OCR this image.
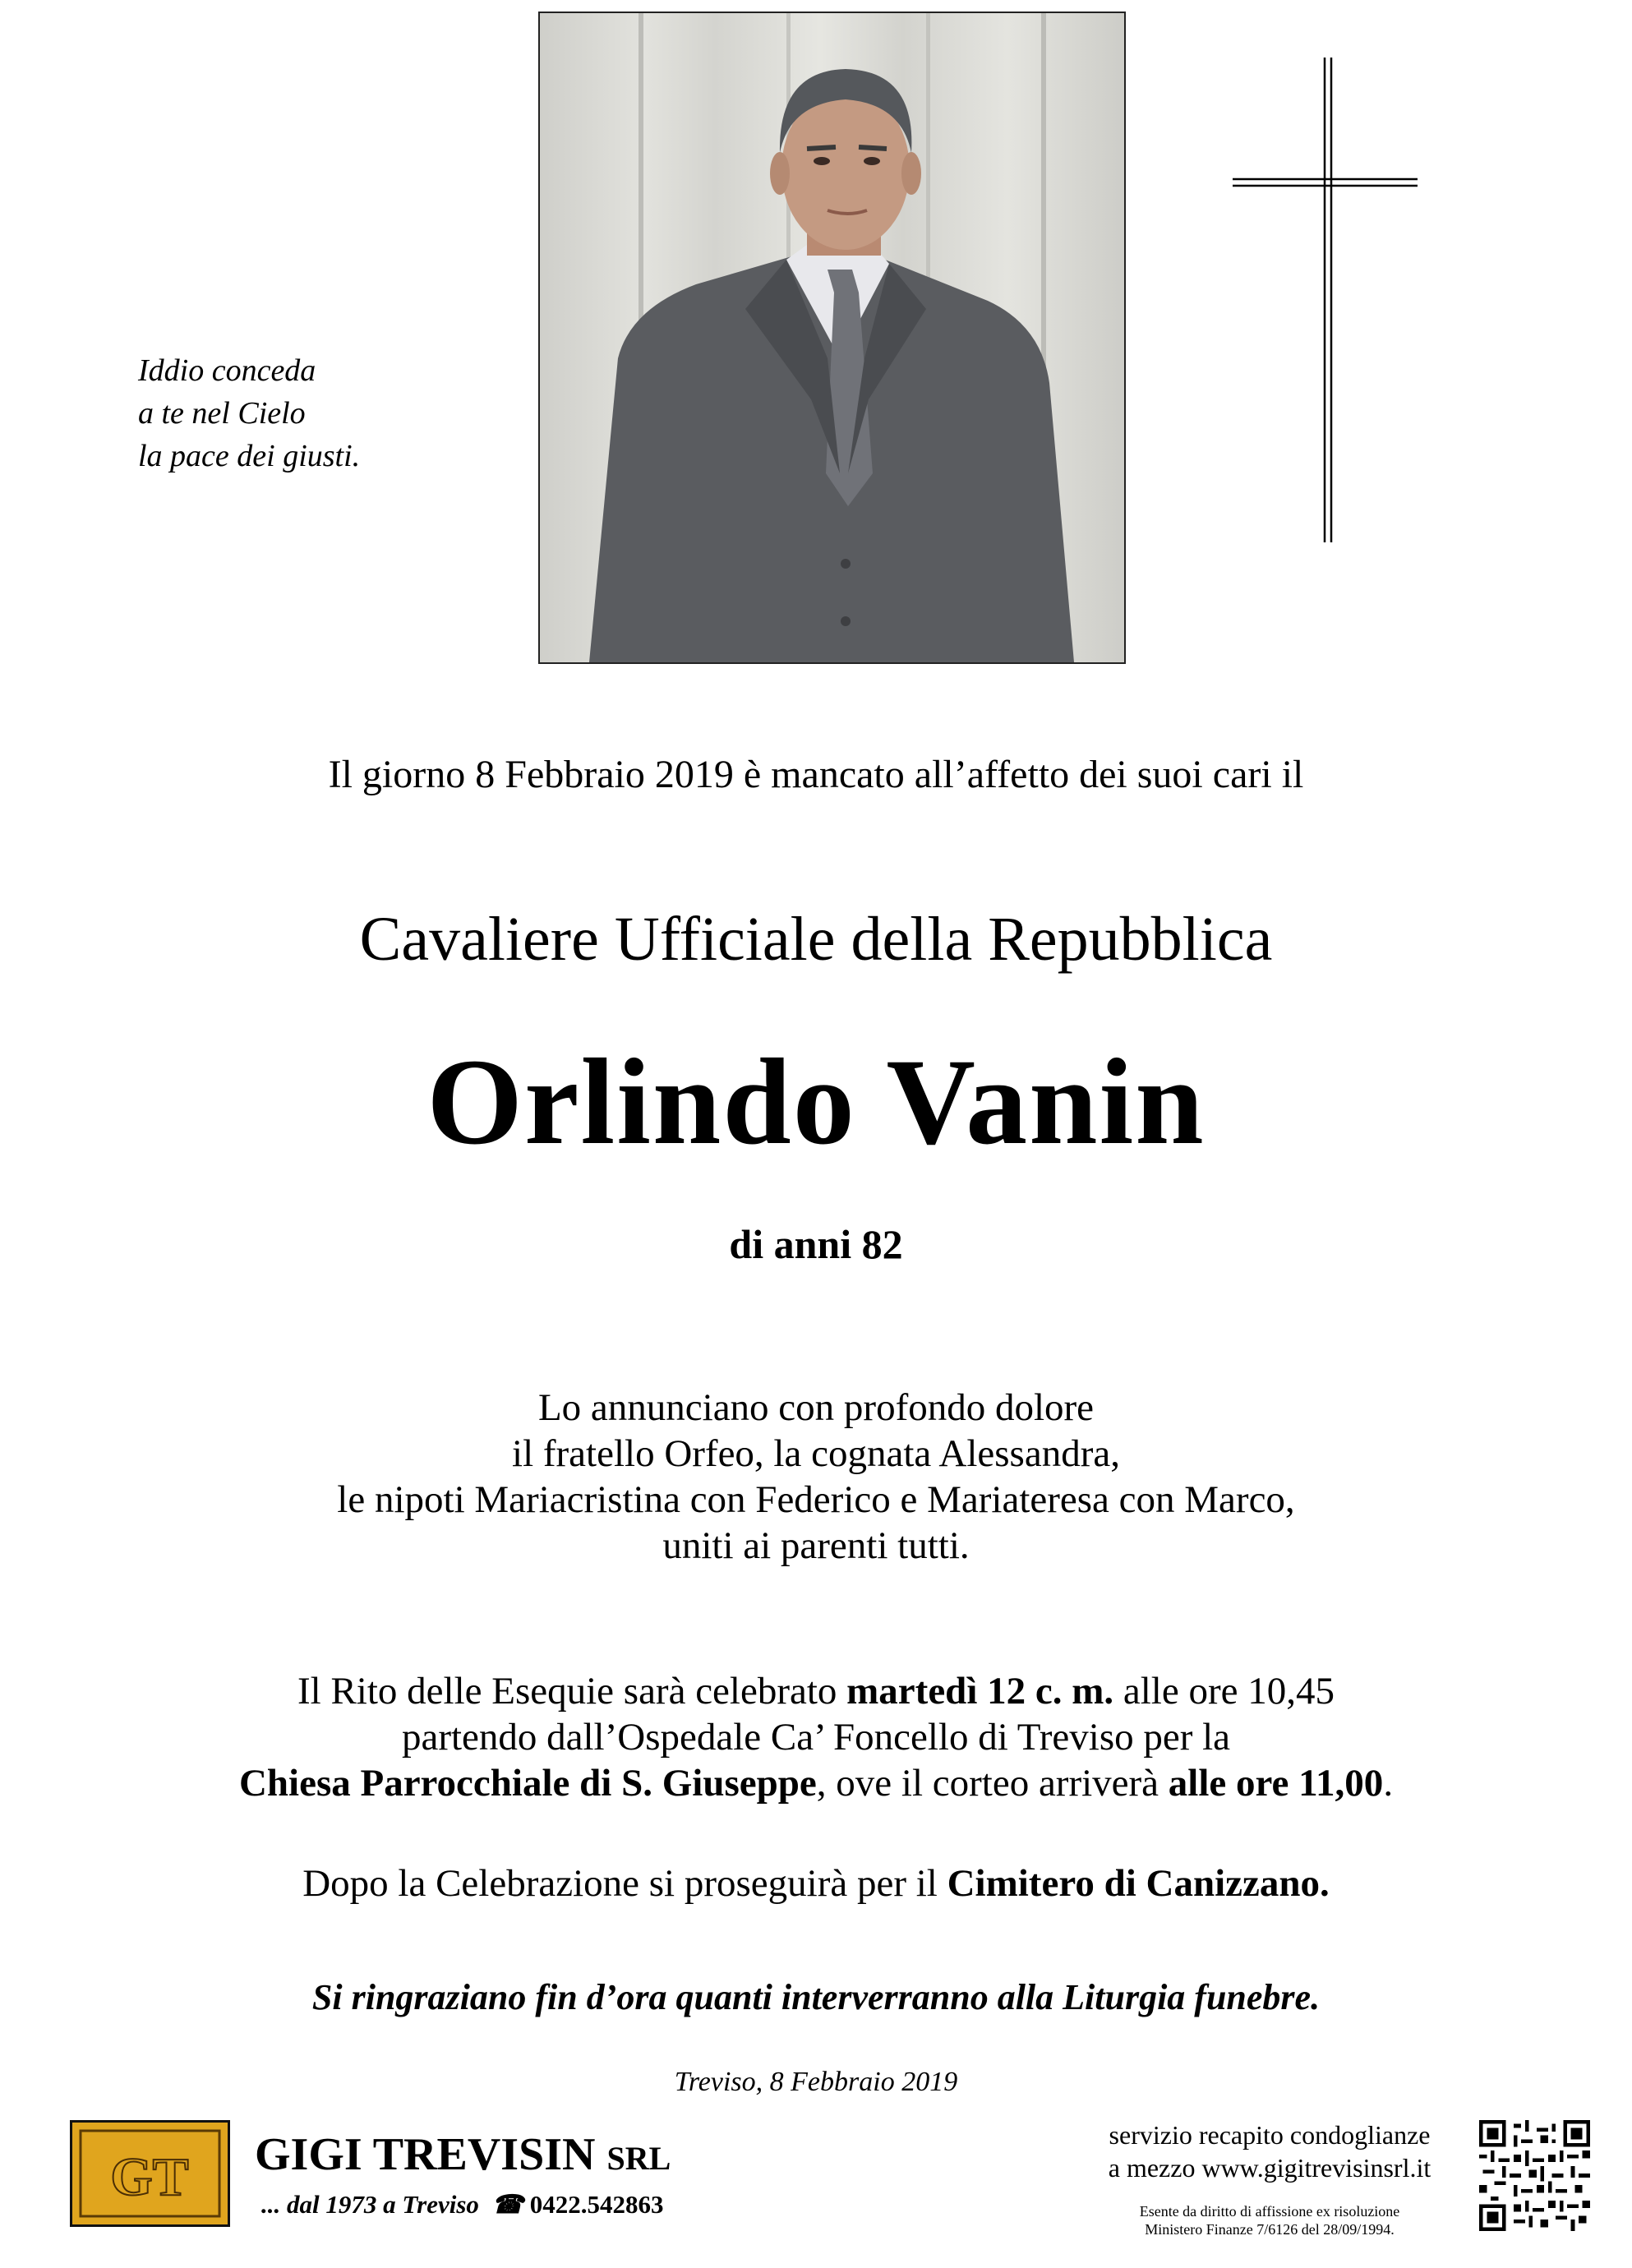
Iddio conceda
a te nel Cielo
la pace dei giusti.
Il giorno 8 Febbraio 2019 è mancato all’affetto dei suoi cari il
Cavaliere Ufficiale della Repubblica
Orlindo Vanin
di anni 82
Lo annunciano con profondo dolore
il fratello Orfeo, la cognata Alessandra,
le nipoti Mariacristina con Federico e Mariateresa con Marco,
uniti ai parenti tutti.
Il Rito delle Esequie sarà celebrato martedì 12 c. m. alle ore 10,45
partendo dall’Ospedale Ca’ Foncello di Treviso per la
Chiesa Parrocchiale di S. Giuseppe, ove il corteo arriverà alle ore 11,00.
Dopo la Celebrazione si proseguirà per il Cimitero di Canizzano.
Si ringraziano fin d’ora quanti interverranno alla Liturgia funebre.
Treviso, 8 Febbraio 2019
GT GIGI TREVISIN SRL
... dal 1973 a Treviso ☎ 0422.542863
servizio recapito condoglianze
a mezzo www.gigitrevisinsrl.it
Esente da diritto di affissione ex risoluzione
Ministero Finanze 7/6126 del 28/09/1994.
